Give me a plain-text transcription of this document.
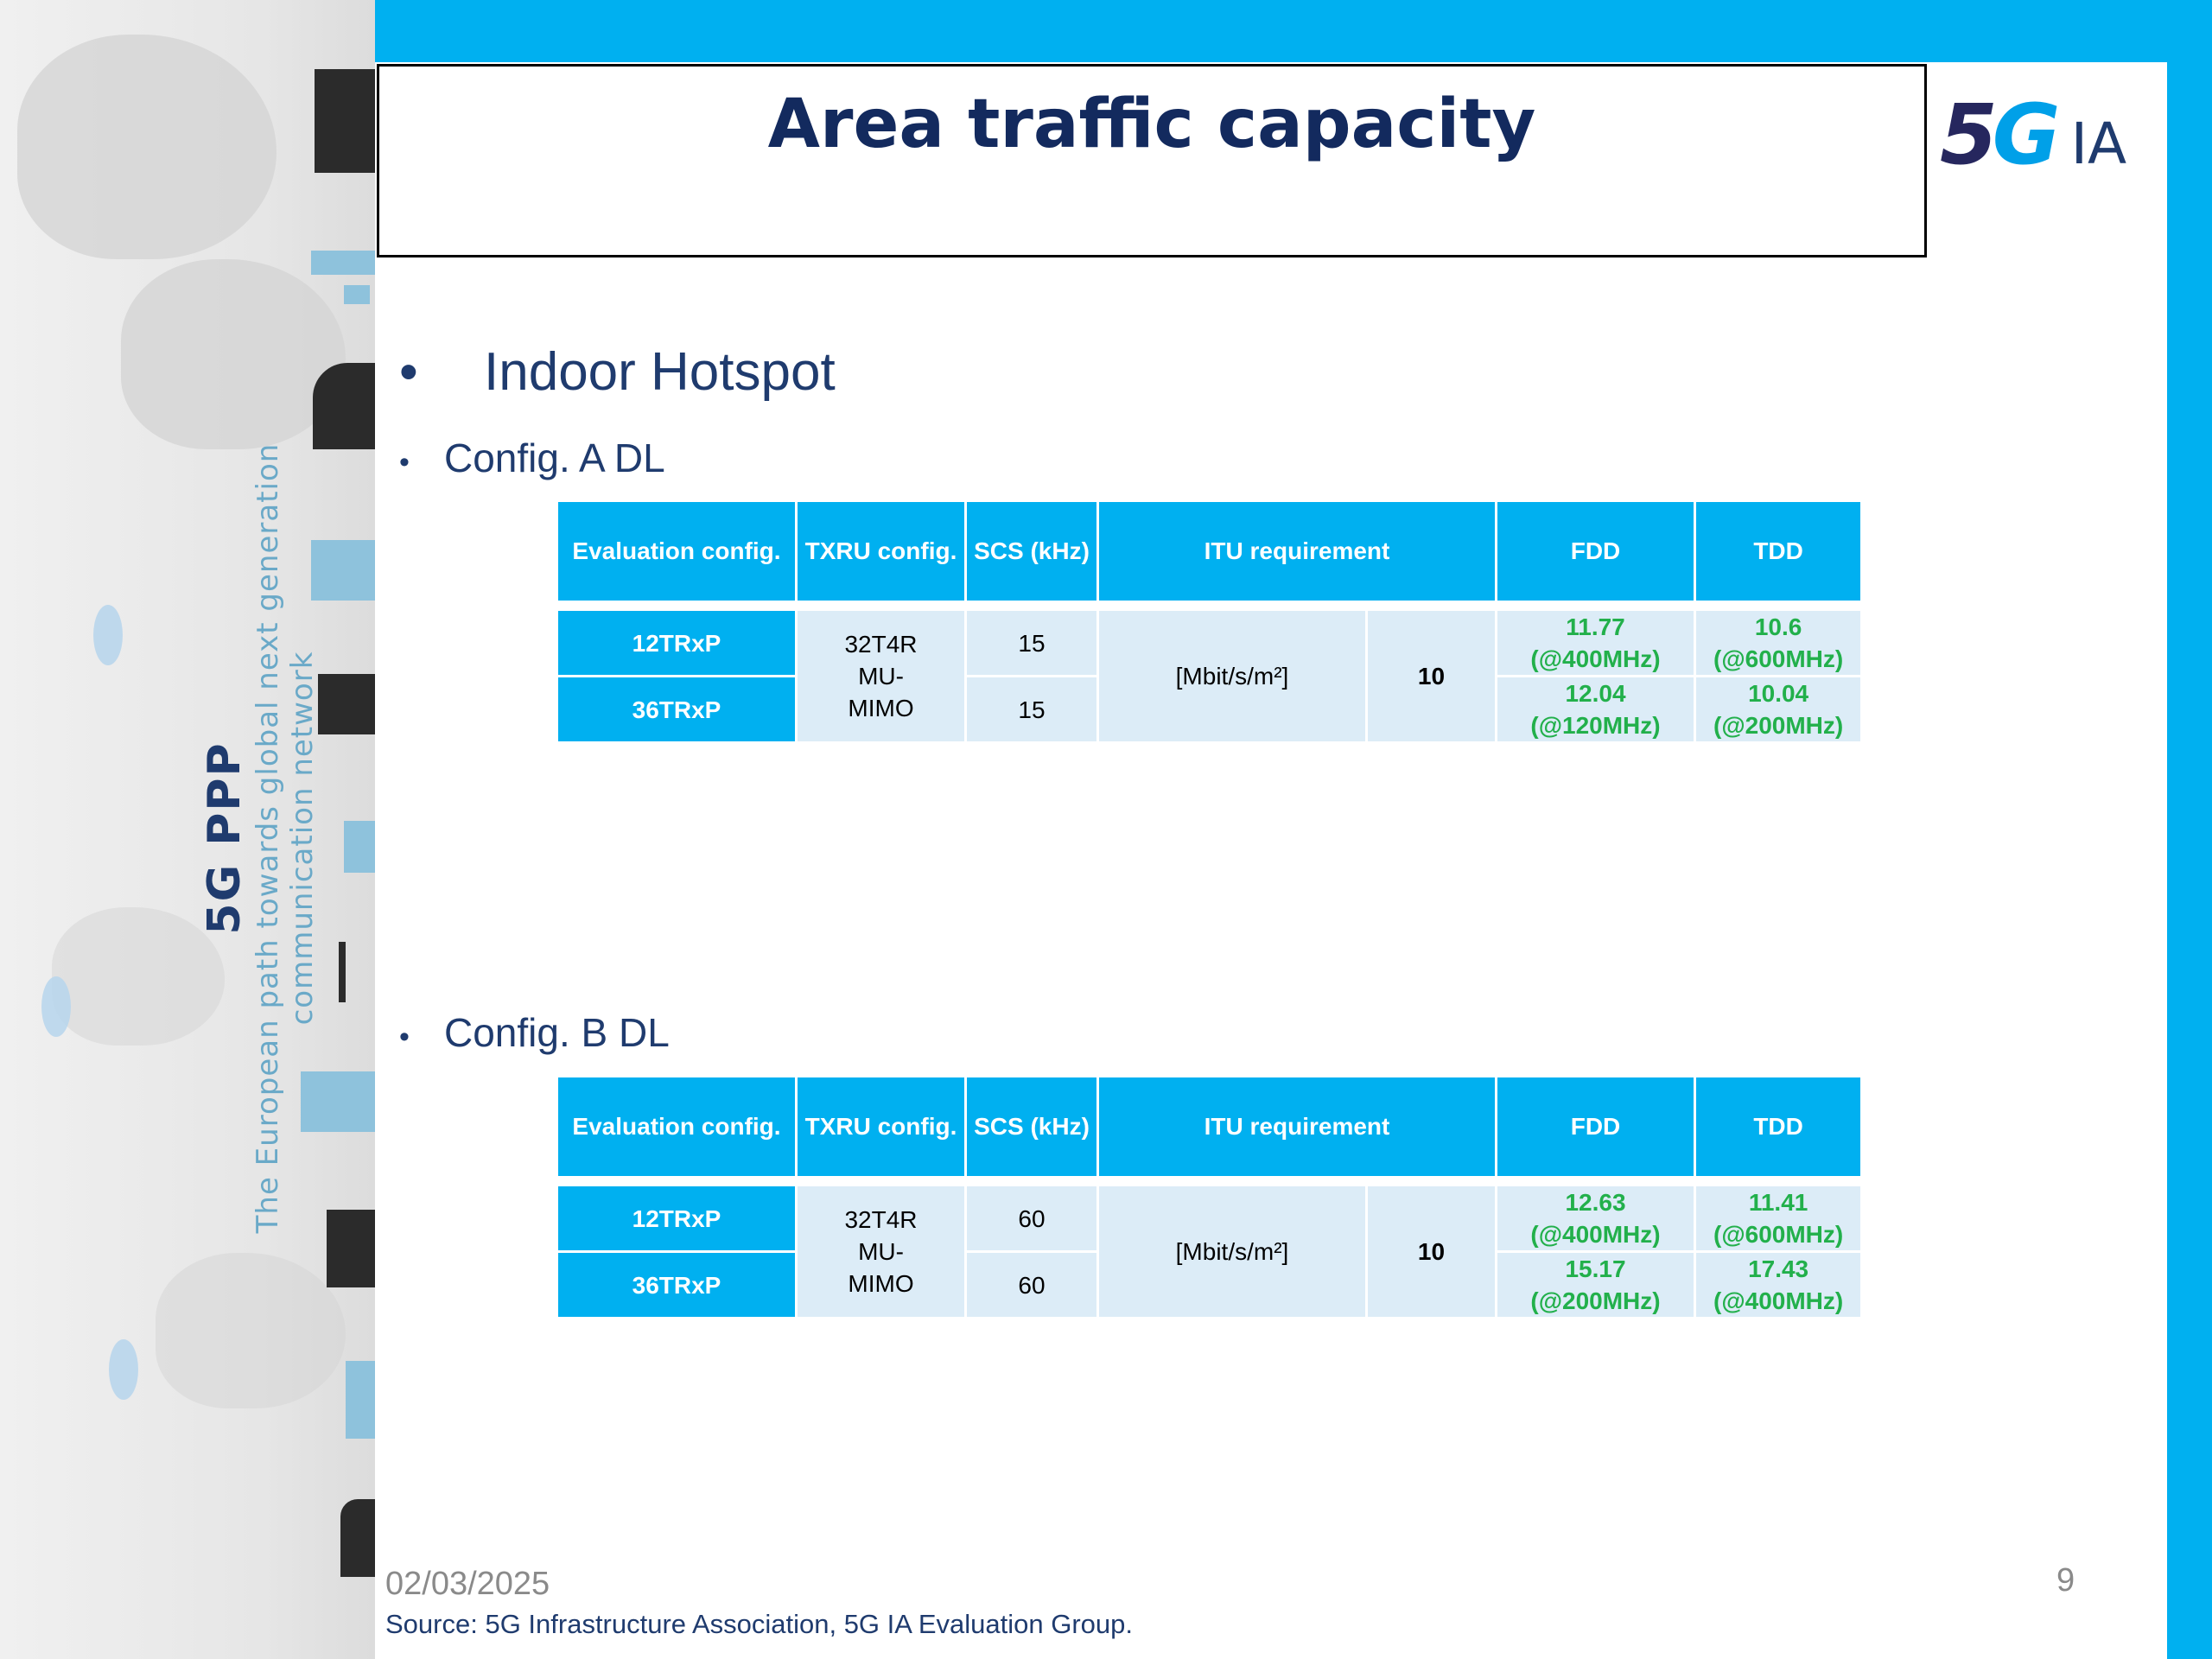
5G PPP The European path towards global next generation communication network
Area traffic capacity	5G IA
• Indoor Hotspot
• Config. A DL
Evaluation config.	TXRU config.	SCS (kHz)	ITU requirement		FDD	TDD

12TRxP	32T4R MU-MIMO	15	[Mbit/s/m²]	10	11.77 (@400MHz)	10.6 (@600MHz)
36TRxP		15			12.04 (@120MHz)	10.04 (@200MHz)
• Config. B DL
Evaluation config.	TXRU config.	SCS (kHz)	ITU requirement		FDD	TDD

12TRxP	32T4R MU-MIMO	60	[Mbit/s/m²]	10	12.63 (@400MHz)	11.41 (@600MHz)
36TRxP		60			15.17 (@200MHz)	17.43 (@400MHz)
02/03/2025
Source: 5G Infrastructure Association, 5G IA Evaluation Group.
9
